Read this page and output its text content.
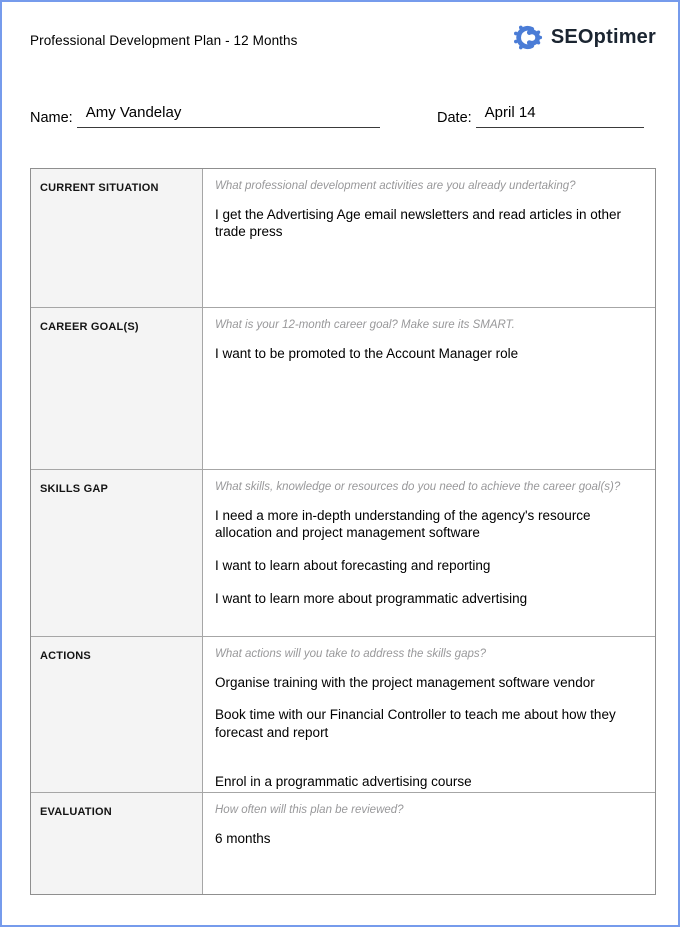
Professional Development Plan - 12 Months	SEOptimer
Name: Amy Vandelay	Date: April 14
CURRENT SITUATION	What professional development activities are you already undertaking?

I get the Advertising Age email newsletters and read articles in other trade press

CAREER GOAL(S)	What is your 12-month career goal? Make sure its SMART.

I want to be promoted to the Account Manager role

SKILLS GAP	What skills, knowledge or resources do you need to achieve the career goal(s)?

I need a more in-depth understanding of the agency's resource allocation and project management software

I want to learn about forecasting and reporting

I want to learn more about programmatic advertising

ACTIONS	What actions will you take to address the skills gaps?

Organise training with the project management software vendor

Book time with our Financial Controller to teach me about how they forecast and report

Enrol in a programmatic advertising course

EVALUATION	How often will this plan be reviewed?

6 months
